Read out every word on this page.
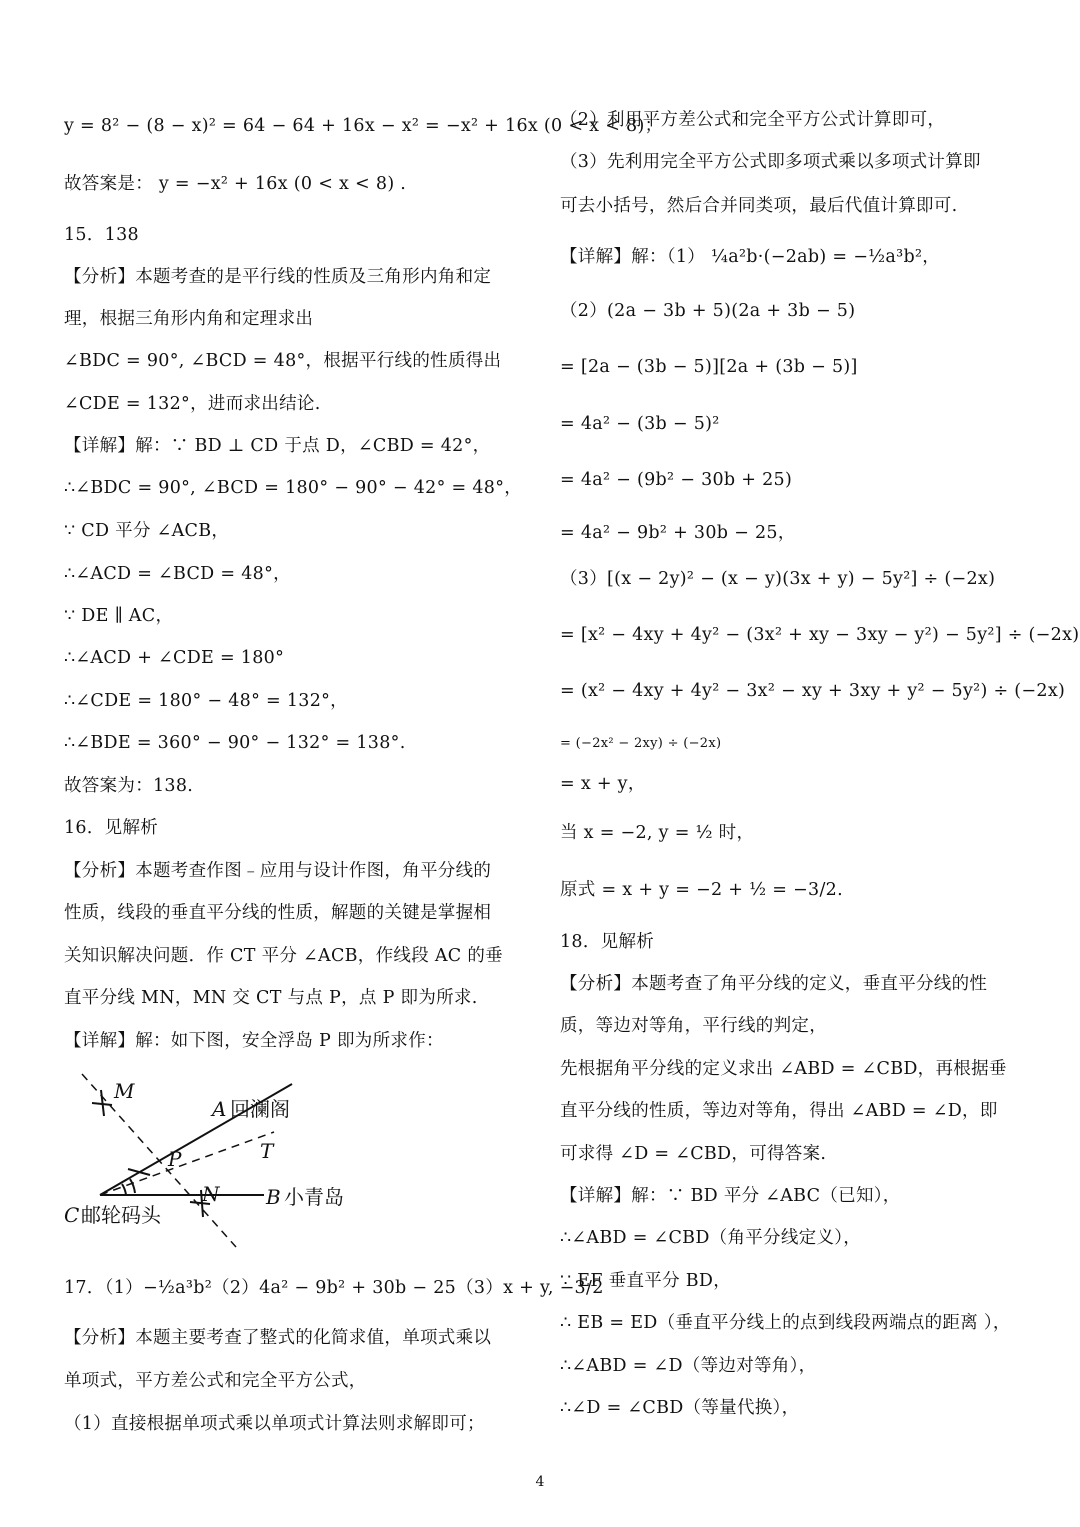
y = 8² − (8 − x)² = 64 − 64 + 16x − x² = −x² + 16x (0 < x < 8)；
故答案是： y = −x² + 16x (0 < x < 8) .
15．138
【分析】本题考查的是平行线的性质及三角形内角和定
理，根据三角形内角和定理求出
∠BDC = 90°, ∠BCD = 48°，根据平行线的性质得出
∠CDE = 132°，进而求出结论.
【详解】解：∵ BD ⊥ CD 于点 D，∠CBD = 42°，
∴∠BDC = 90°, ∠BCD = 180° − 90° − 42° = 48°，
∵ CD 平分 ∠ACB，
∴∠ACD = ∠BCD = 48°，
∵ DE ∥ AC，
∴∠ACD + ∠CDE = 180°
∴∠CDE = 180° − 48° = 132°，
∴∠BDE = 360° − 90° − 132° = 138°.
故答案为：138.
16．见解析
【分析】本题考查作图﹣应用与设计作图，角平分线的
性质，线段的垂直平分线的性质，解题的关键是掌握相
关知识解决问题．作 CT 平分 ∠ACB，作线段 AC 的垂
直平分线 MN，MN 交 CT 与点 P，点 P 即为所求.
【详解】解：如下图，安全浮岛 P 即为所求作：
M
A 回澜阁
T
P
N B 小青岛
C 邮轮码头
17．（1）−½a³b²（2）4a² − 9b² + 30b − 25（3）x + y, −3/2
【分析】本题主要考查了整式的化简求值，单项式乘以
单项式，平方差公式和完全平方公式，
（1）直接根据单项式乘以单项式计算法则求解即可；
（2）利用平方差公式和完全平方公式计算即可，
（3）先利用完全平方公式即多项式乘以多项式计算即
可去小括号，然后合并同类项，最后代值计算即可.
【详解】解：（1） ¼a²b·(−2ab) = −½a³b²，
（2）(2a − 3b + 5)(2a + 3b − 5)
= [2a − (3b − 5)][2a + (3b − 5)]
= 4a² − (3b − 5)²
= 4a² − (9b² − 30b + 25)
= 4a² − 9b² + 30b − 25，
（3）[(x − 2y)² − (x − y)(3x + y) − 5y²] ÷ (−2x)
= [x² − 4xy + 4y² − (3x² + xy − 3xy − y²) − 5y²] ÷ (−2x)
= (x² − 4xy + 4y² − 3x² − xy + 3xy + y² − 5y²) ÷ (−2x)
= (−2x² − 2xy) ÷ (−2x)
= x + y，
当 x = −2, y = ½ 时，
原式 = x + y = −2 + ½ = −3/2.
18．见解析
【分析】本题考查了角平分线的定义，垂直平分线的性
质，等边对等角，平行线的判定，
先根据角平分线的定义求出 ∠ABD = ∠CBD，再根据垂
直平分线的性质，等边对等角，得出 ∠ABD = ∠D，即
可求得 ∠D = ∠CBD，可得答案.
【详解】解：∵ BD 平分 ∠ABC（已知），
∴∠ABD = ∠CBD（角平分线定义），
∵ EF 垂直平分 BD，
∴ EB = ED（垂直平分线上的点到线段两端点的距离 ），
∴∠ABD = ∠D（等边对等角），
∴∠D = ∠CBD（等量代换），
4
